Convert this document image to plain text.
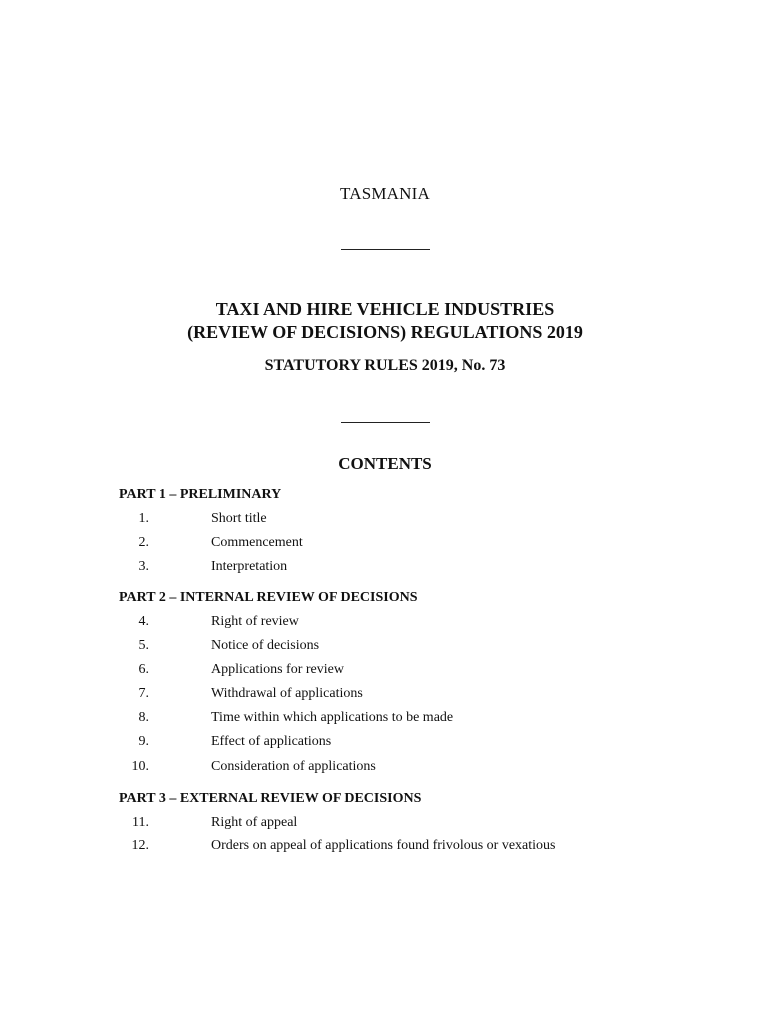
TASMANIA
TAXI AND HIRE VEHICLE INDUSTRIES
(REVIEW OF DECISIONS) REGULATIONS 2019
STATUTORY RULES 2019, No. 73
CONTENTS
PART 1 – PRELIMINARY
1.	Short title
2.	Commencement
3.	Interpretation
PART 2 – INTERNAL REVIEW OF DECISIONS
4.	Right of review
5.	Notice of decisions
6.	Applications for review
7.	Withdrawal of applications
8.	Time within which applications to be made
9.	Effect of applications
10.	Consideration of applications
PART 3 – EXTERNAL REVIEW OF DECISIONS
11.	Right of appeal
12.	Orders on appeal of applications found frivolous or vexatious
